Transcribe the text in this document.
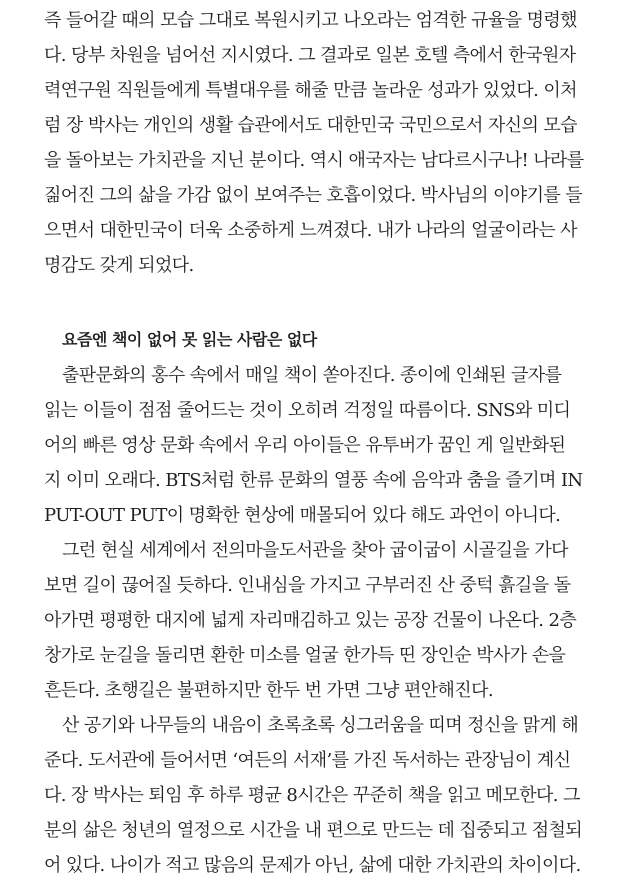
즉 들어갈 때의 모습 그대로 복원시키고 나오라는 엄격한 규율을 명령했
다. 당부 차원을 넘어선 지시였다. 그 결과로 일본 호텔 측에서 한국원자
력연구원 직원들에게 특별대우를 해줄 만큼 놀라운 성과가 있었다. 이처
럼 장 박사는 개인의 생활 습관에서도 대한민국 국민으로서 자신의 모습
을 돌아보는 가치관을 지닌 분이다. 역시 애국자는 남다르시구나! 나라를
짊어진 그의 삶을 가감 없이 보여주는 호흡이었다. 박사님의 이야기를 들
으면서 대한민국이 더욱 소중하게 느껴졌다. 내가 나라의 얼굴이라는 사
명감도 갖게 되었다.
요즘엔 책이 없어 못 읽는 사람은 없다
출판문화의 홍수 속에서 매일 책이 쏟아진다. 종이에 인쇄된 글자를
읽는 이들이 점점 줄어드는 것이 오히려 걱정일 따름이다. SNS와 미디
어의 빠른 영상 문화 속에서 우리 아이들은 유투버가 꿈인 게 일반화된
지 이미 오래다. BTS처럼 한류 문화의 열풍 속에 음악과 춤을 즐기며 IN
PUT-OUT PUT이 명확한 현상에 매몰되어 있다 해도 과언이 아니다.
그런 현실 세계에서 전의마을도서관을 찾아 굽이굽이 시골길을 가다
보면 길이 끊어질 듯하다. 인내심을 가지고 구부러진 산 중턱 흙길을 돌
아가면 평평한 대지에 넓게 자리매김하고 있는 공장 건물이 나온다. 2층
창가로 눈길을 돌리면 환한 미소를 얼굴 한가득 띤 장인순 박사가 손을
흔든다. 초행길은 불편하지만 한두 번 가면 그냥 편안해진다.
산 공기와 나무들의 내음이 초록초록 싱그러움을 띠며 정신을 맑게 해
준다. 도서관에 들어서면 ‘여든의 서재’를 가진 독서하는 관장님이 계신
다. 장 박사는 퇴임 후 하루 평균 8시간은 꾸준히 책을 읽고 메모한다. 그
분의 삶은 청년의 열정으로 시간을 내 편으로 만드는 데 집중되고 점철되
어 있다. 나이가 적고 많음의 문제가 아닌, 삶에 대한 가치관의 차이이다.
